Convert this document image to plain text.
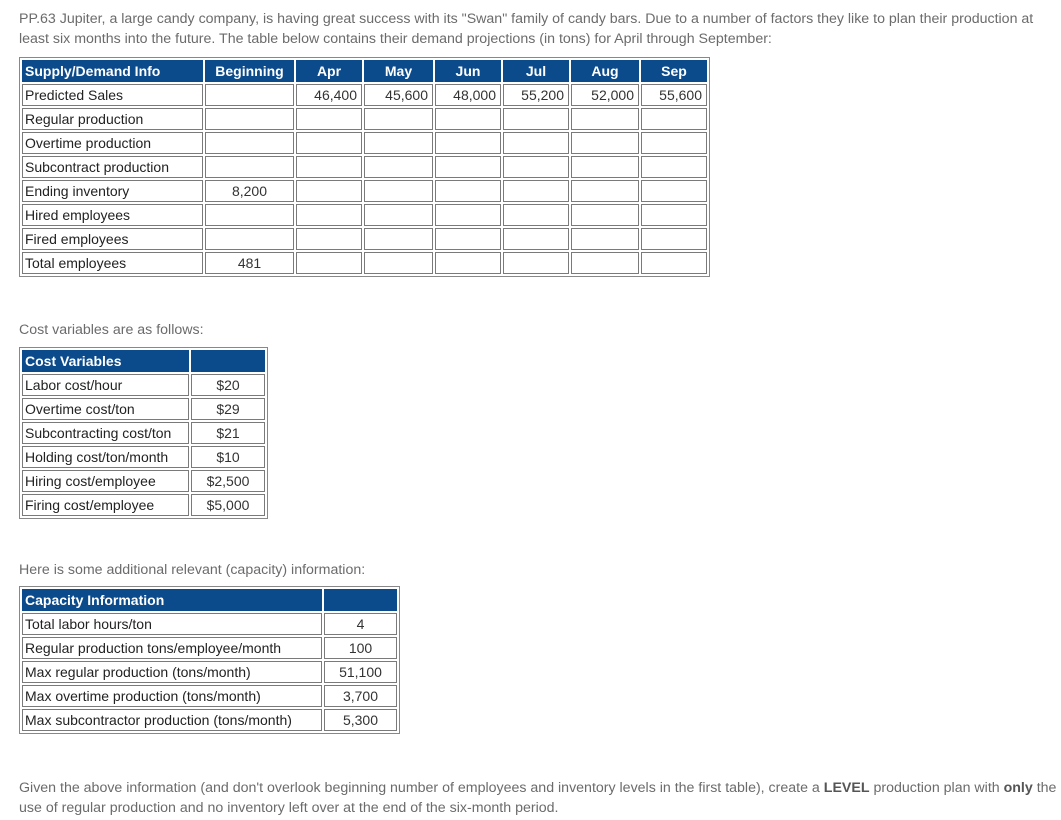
PP.63 Jupiter, a large candy company, is having great success with its "Swan" family of candy bars. Due to a number of factors they like to plan their production at least six months into the future. The table below contains their demand projections (in tons) for April through September:
Supply/Demand Info	Beginning	Apr	May	Jun	Jul	Aug	Sep
Predicted Sales		46,400	45,600	48,000	55,200	52,000	55,600
Regular production							
Overtime production							
Subcontract production							
Ending inventory	8,200						
Hired employees							
Fired employees							
Total employees	481						
Cost variables are as follows:
Cost Variables	
Labor cost/hour	$20
Overtime cost/ton	$29
Subcontracting cost/ton	$21
Holding cost/ton/month	$10
Hiring cost/employee	$2,500
Firing cost/employee	$5,000
Here is some additional relevant (capacity) information:
Capacity Information	
Total labor hours/ton	4
Regular production tons/employee/month	100
Max regular production (tons/month)	51,100
Max overtime production (tons/month)	3,700
Max subcontractor production (tons/month)	5,300
Given the above information (and don't overlook beginning number of employees and inventory levels in the first table), create a LEVEL production plan with only the use of regular production and no inventory left over at the end of the six-month period.
